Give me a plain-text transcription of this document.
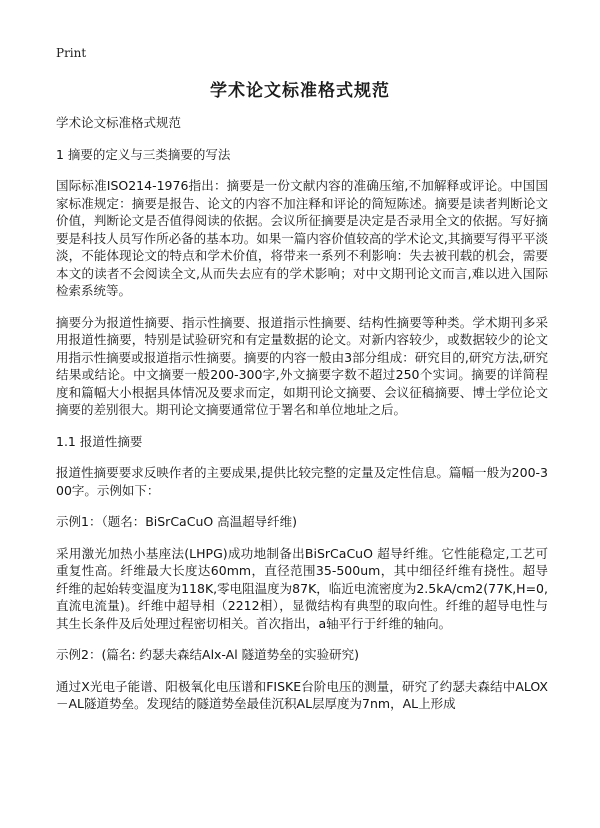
Print
学术论文标准格式规范

学术论文标准格式规范

1 摘要的定义与三类摘要的写法

国际标准ISO214-1976指出：摘要是一份文献内容的准确压缩,不加解释或评论。中国国家标准规定：摘要是报告、论文的内容不加注释和评论的简短陈述。摘要是读者判断论文价值，判断论文是否值得阅读的依据。会议所征摘要是决定是否录用全文的依据。写好摘要是科技人员写作所必备的基本功。如果一篇内容价值较高的学术论文,其摘要写得平平淡淡，不能体现论文的特点和学术价值，将带来一系列不利影响：失去被刊载的机会，需要本文的读者不会阅读全文,从而失去应有的学术影响；对中文期刊论文而言,难以进入国际检索系统等。

摘要分为报道性摘要、指示性摘要、报道指示性摘要、结构性摘要等种类。学术期刊多采用报道性摘要，特别是试验研究和有定量数据的论文。对新内容较少，或数据较少的论文用指示性摘要或报道指示性摘要。摘要的内容一般由3部分组成：研究目的,研究方法,研究结果或结论。中文摘要一般200-300字,外文摘要字数不超过250个实词。摘要的详简程度和篇幅大小根据具体情况及要求而定，如期刊论文摘要、会议征稿摘要、博士学位论文摘要的差别很大。期刊论文摘要通常位于署名和单位地址之后。

1.1 报道性摘要

报道性摘要要求反映作者的主要成果,提供比较完整的定量及定性信息。篇幅一般为200-300字。示例如下：

示例1：（题名：BiSrCaCuO 高温超导纤维)

采用激光加热小基座法(LHPG)成功地制备出BiSrCaCuO 超导纤维。它性能稳定,工艺可重复性高。纤维最大长度达60mm，直径范围35-500um，其中细径纤维有挠性。超导纤维的起始转变温度为118K,零电阻温度为87K，临近电流密度为2.5kA/cm2(77K,H=0,直流电流量)。纤维中超导相（2212相），显微结构有典型的取向性。纤维的超导电性与其生长条件及后处理过程密切相关。首次指出，a轴平行于纤维的轴向。

示例2：(篇名: 约瑟夫森结Alx-Al 隧道势垒的实验研究)

通过X光电子能谱、阳极氧化电压谱和FISKE台阶电压的测量，研究了约瑟夫森结中ALOX－AL隧道势垒。发现结的隧道势垒最佳沉积AL层厚度为7nm，AL上形成
